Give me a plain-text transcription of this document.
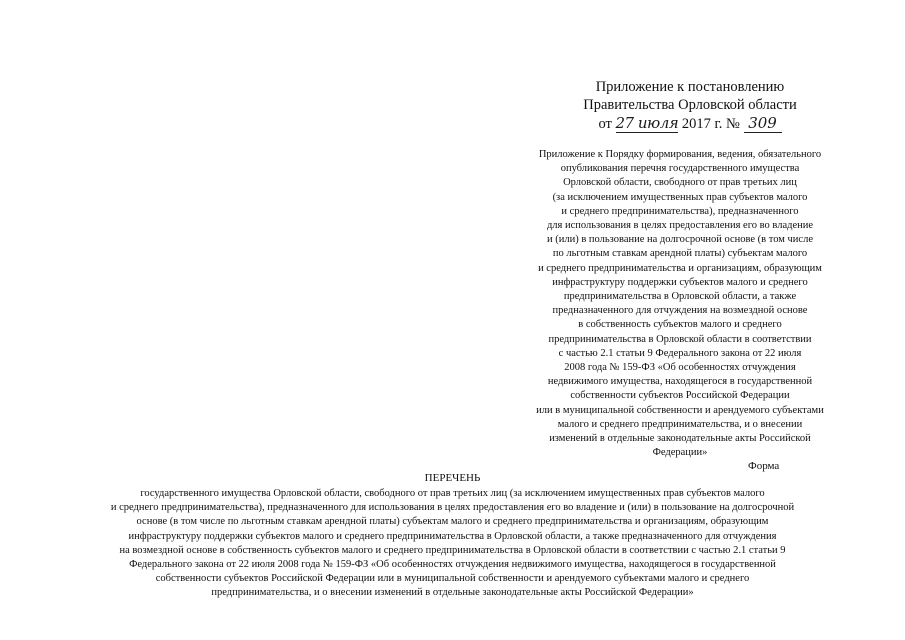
Приложение к постановлению
Правительства Орловской области
от 27 июля 2017 г. № 309
Приложение к Порядку формирования, ведения, обязательного
опубликования перечня государственного имущества
Орловской области, свободного от прав третьих лиц
(за исключением имущественных прав субъектов малого
и среднего предпринимательства), предназначенного
для использования в целях предоставления его во владение
и (или) в пользование на долгосрочной основе (в том числе
по льготным ставкам арендной платы) субъектам малого
и среднего предпринимательства и организациям, образующим
инфраструктуру поддержки субъектов малого и среднего
предпринимательства в Орловской области, а также
предназначенного для отчуждения на возмездной основе
в собственность субъектов малого и среднего
предпринимательства в Орловской области в соответствии
с частью 2.1 статьи 9 Федерального закона от 22 июля
2008 года № 159-ФЗ «Об особенностях отчуждения
недвижимого имущества, находящегося в государственной
собственности субъектов Российской Федерации
или в муниципальной собственности и арендуемого субъектами
малого и среднего предпринимательства, и о внесении
изменений в отдельные законодательные акты Российской
Федерации»
Форма
ПЕРЕЧЕНЬ
государственного имущества Орловской области, свободного от прав третьих лиц (за исключением имущественных прав субъектов малого
и среднего предпринимательства), предназначенного для использования в целях предоставления его во владение и (или) в пользование на долгосрочной
основе (в том числе по льготным ставкам арендной платы) субъектам малого и среднего предпринимательства и организациям, образующим
инфраструктуру поддержки субъектов малого и среднего предпринимательства в Орловской области, а также предназначенного для отчуждения
на возмездной основе в собственность субъектов малого и среднего предпринимательства в Орловской области в соответствии с частью 2.1 статьи 9
Федерального закона от 22 июля 2008 года № 159-ФЗ «Об особенностях отчуждения недвижимого имущества, находящегося в государственной
собственности субъектов Российской Федерации или в муниципальной собственности и арендуемого субъектами малого и среднего
предпринимательства, и о внесении изменений в отдельные законодательные акты Российской Федерации»
